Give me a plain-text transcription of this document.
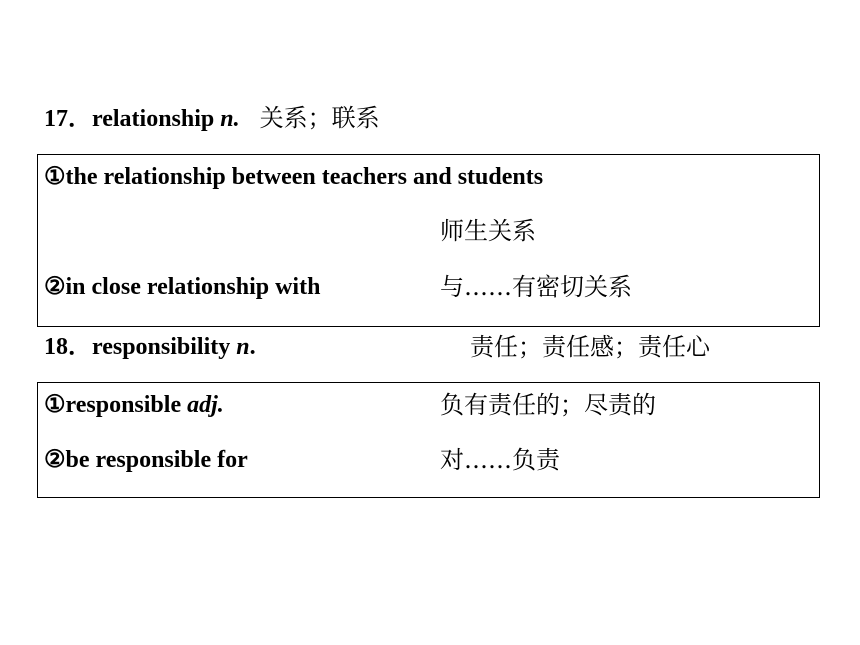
17．relationship n. 关系；联系
①the relationship between teachers and students
师生关系
②in close relationship with	与……有密切关系
18．responsibility n.	责任；责任感；责任心
①responsible adj.	负有责任的；尽责的
②be responsible for	对……负责
